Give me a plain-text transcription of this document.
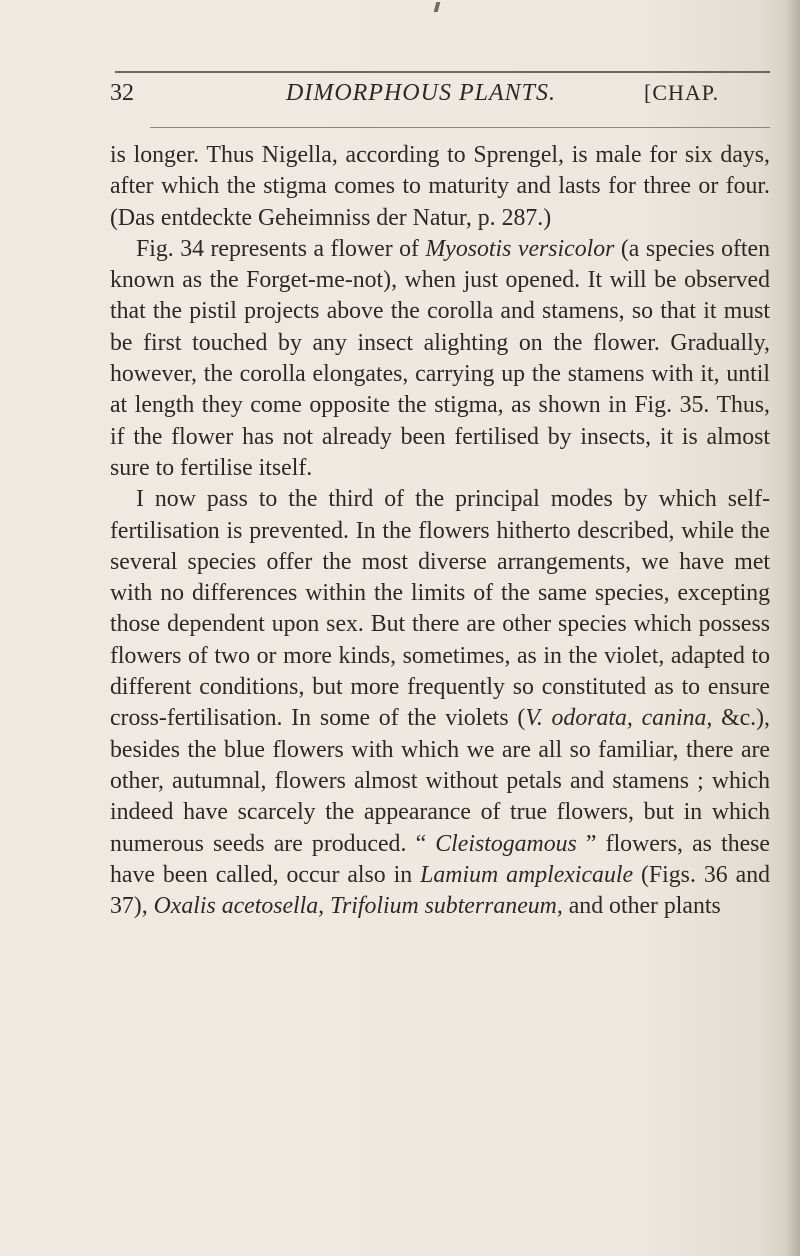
32	DIMORPHOUS PLANTS.	[CHAP.

is longer. Thus Nigella, according to Sprengel, is male for six days, after which the stigma comes to maturity and lasts for three or four. (Das entdeckte Geheimniss der Natur, p. 287.)

Fig. 34 represents a flower of Myosotis versicolor (a species often known as the Forget-me-not), when just opened. It will be observed that the pistil projects above the corolla and stamens, so that it must be first touched by any insect alighting on the flower. Gradually, however, the corolla elongates, carrying up the stamens with it, until at length they come opposite the stigma, as shown in Fig. 35. Thus, if the flower has not already been fertilised by insects, it is almost sure to fertilise itself.

I now pass to the third of the principal modes by which self-fertilisation is prevented. In the flowers hitherto described, while the several species offer the most diverse arrangements, we have met with no differences within the limits of the same species, excepting those dependent upon sex. But there are other species which possess flowers of two or more kinds, sometimes, as in the violet, adapted to different conditions, but more frequently so constituted as to ensure cross-fertilisation. In some of the violets (V. odorata, canina, &c.), besides the blue flowers with which we are all so familiar, there are other, autumnal, flowers almost without petals and stamens ; which indeed have scarcely the appearance of true flowers, but in which numerous seeds are produced. “ Cleistogamous ” flowers, as these have been called, occur also in Lamium amplexicaule (Figs. 36 and 37), Oxalis acetosella, Trifolium subterraneum, and other plants
